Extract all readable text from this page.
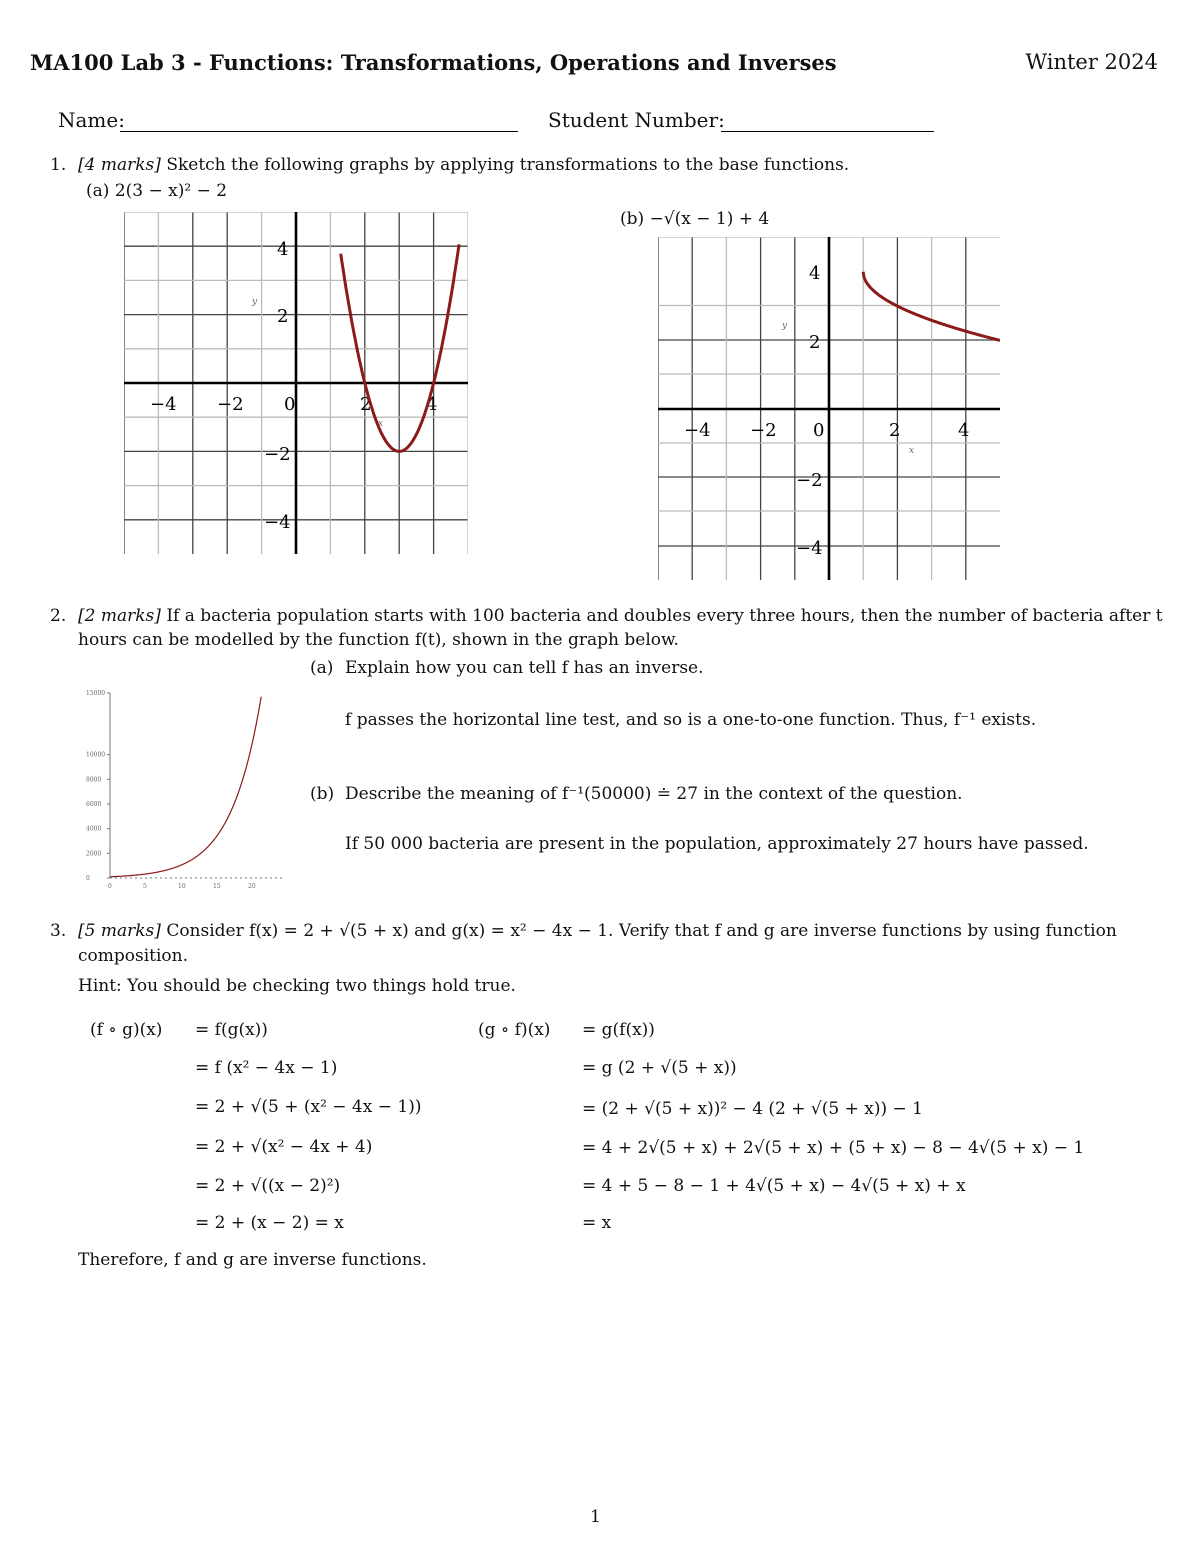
MA100 Lab 3 - Functions: Transformations, Operations and Inverses	Winter 2024
Name:	Student Number:
1. [4 marks] Sketch the following graphs by applying transformations to the base functions.
(a) 2(3 − x)² − 2
(b) −√(x − 1) + 4
−4 −2 0	2	4
2
4
−2
−4
y
x	−4 −2 0	2	4
2
4
−2
−4
y
x
2. [2 marks] If a bacteria population starts with 100 bacteria and doubles every three hours, then the number of bacteria after t
hours can be modelled by the function f(t), shown in the graph below.
(a) Explain how you can tell f has an inverse.
f passes the horizontal line test, and so is a one-to-one function. Thus, f⁻¹ exists.
(b) Describe the meaning of f⁻¹(50000) ≐ 27 in the context of the question.
If 50 000 bacteria are present in the population, approximately 27 hours have passed.
15000
10000
8000
6000
4000
2000
0
0	5	10	15	20
3. [5 marks] Consider f(x) = 2 + √(5 + x) and g(x) = x² − 4x − 1. Verify that f and g are inverse functions by using function
composition.
Hint: You should be checking two things hold true.
(f ∘ g)(x) = f(g(x))
= f (x² − 4x − 1)
= 2 + √(5 + (x² − 4x − 1))
= 2 + √(x² − 4x + 4)
= 2 + √((x − 2)²)
= 2 + (x − 2) = x
(g ∘ f)(x) = g(f(x))
= g (2 + √(5 + x))
= (2 + √(5 + x))² − 4 (2 + √(5 + x)) − 1
= 4 + 2√(5 + x) + 2√(5 + x) + (5 + x) − 8 − 4√(5 + x) − 1
= 4 + 5 − 8 − 1 + 4√(5 + x) − 4√(5 + x) + x
= x
Therefore, f and g are inverse functions.
1
